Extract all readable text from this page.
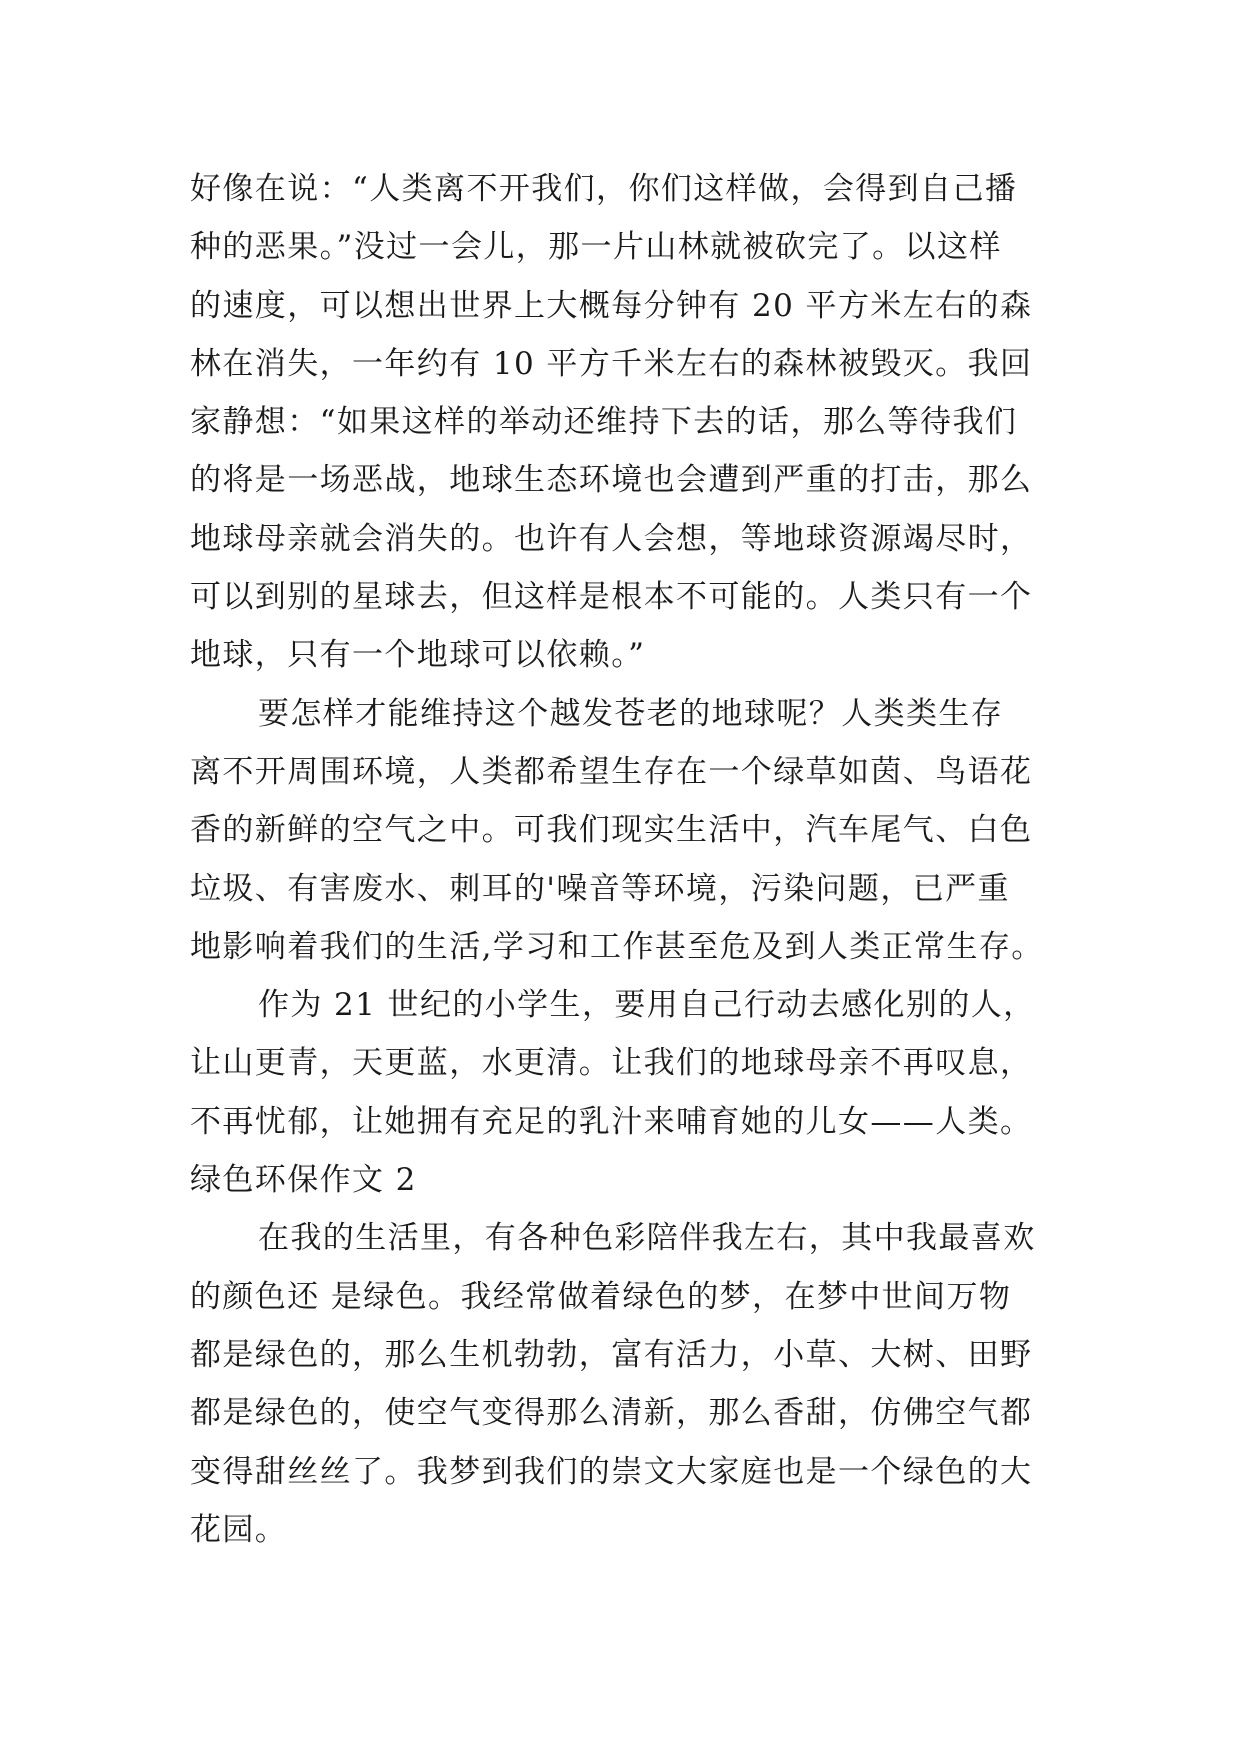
好像在说：“人类离不开我们，你们这样做，会得到自己播
种的恶果。”没过一会儿，那一片山林就被砍完了。以这样
的速度，可以想出世界上大概每分钟有 20 平方米左右的森
林在消失，一年约有 10 平方千米左右的森林被毁灭。我回
家静想：“如果这样的举动还维持下去的话，那么等待我们
的将是一场恶战，地球生态环境也会遭到严重的打击，那么
地球母亲就会消失的。也许有人会想，等地球资源竭尽时，
可以到别的星球去，但这样是根本不可能的。人类只有一个
地球，只有一个地球可以依赖。”
要怎样才能维持这个越发苍老的地球呢？人类类生存
离不开周围环境，人类都希望生存在一个绿草如茵、鸟语花
香的新鲜的空气之中。可我们现实生活中，汽车尾气、白色
垃圾、有害废水、刺耳的'噪音等环境，污染问题，已严重
地影响着我们的生活,学习和工作甚至危及到人类正常生存。
作为 21 世纪的小学生，要用自己行动去感化别的人，
让山更青，天更蓝，水更清。让我们的地球母亲不再叹息，
不再忧郁，让她拥有充足的乳汁来哺育她的儿女——人类。
绿色环保作文 2
在我的生活里，有各种色彩陪伴我左右，其中我最喜欢
的颜色还 是绿色。我经常做着绿色的梦，在梦中世间万物
都是绿色的，那么生机勃勃，富有活力，小草、大树、田野
都是绿色的，使空气变得那么清新，那么香甜，仿佛空气都
变得甜丝丝了。我梦到我们的崇文大家庭也是一个绿色的大
花园。
